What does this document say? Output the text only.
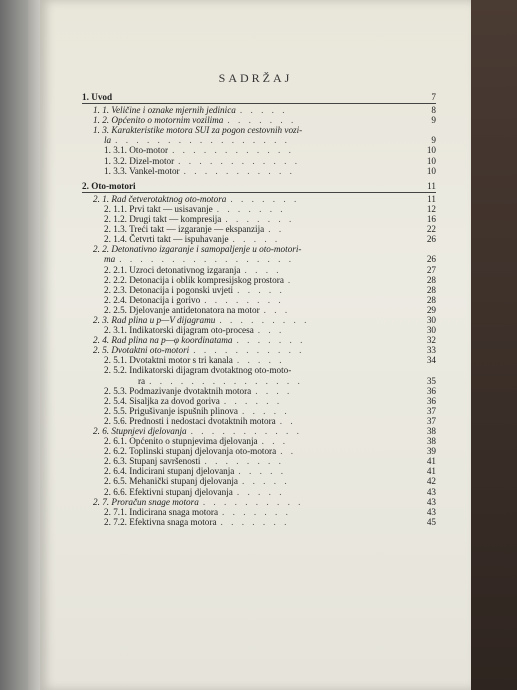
SADRŽAJ
1. Uvod	7
1. 1. Veličine i oznake mjernih jedinica . . . . .	8
1. 2. Općenito o motornim vozilima . . . . . . .	9
1. 3. Karakteristike motora SUI za pogon cestovnih vozi-
la . . . . . . . . . . . . . . . . .	9
1. 3.1. Oto-motor . . . . . . . . . . . .	10
1. 3.2. Dizel-motor . . . . . . . . . . . .	10
1. 3.3. Vankel-motor . . . . . . . . . . .	10
2. Oto-motori	11
2. 1. Rad četverotaktnog oto-motora . . . . . . .	11
2. 1.1. Prvi takt — usisavanje . . . . . . .	12
2. 1.2. Drugi takt — kompresija . . . . . . .	16
2. 1.3. Treći takt — izgaranje — ekspanzija . .	22
2. 1.4. Četvrti takt — ispuhavanje . . . . .	26
2. 2. Detonativno izgaranje i samopaljenje u oto-motori-
ma . . . . . . . . . . . . . . . . .	26
2. 2.1. Uzroci detonativnog izgaranja . . . .	27
2. 2.2. Detonacija i oblik kompresijskog prostora .	28
2. 2.3. Detonacija i pogonski uvjeti . . . . .	28
2. 2.4. Detonacija i gorivo . . . . . . . .	28
2. 2.5. Djelovanje antidetonatora na motor . . .	29
2. 3. Rad plina u p—V dijagramu . . . . . . . . .	30
2. 3.1. Indikatorski dijagram oto-procesa . . .	30
2. 4. Rad plina na p—φ koordinatama . . . . . . .	32
2. 5. Dvotaktni oto-motori . . . . . . . . . . .	33
2. 5.1. Dvotaktni motor s tri kanala . . . . .	34
2. 5.2. Indikatorski dijagram dvotaktnog oto-moto-
ra . . . . . . . . . . . . . . .	35
2. 5.3. Podmazivanje dvotaktnih motora . . . .	36
2. 5.4. Sisaljka za dovod goriva . . . . . .	36
2. 5.5. Prigušivanje ispušnih plinova . . . . .	37
2. 5.6. Prednosti i nedostaci dvotaktnih motora . .	37
2. 6. Stupnjevi djelovanja . . . . . . . . . . .	38
2. 6.1. Općenito o stupnjevima djelovanja . . .	38
2. 6.2. Toplinski stupanj djelovanja oto-motora . .	39
2. 6.3. Stupanj savršenosti . . . . . . . .	41
2. 6.4. Indicirani stupanj djelovanja . . . . .	41
2. 6.5. Mehanički stupanj djelovanja . . . . .	42
2. 6.6. Efektivni stupanj djelovanja . . . . .	43
2. 7. Proračun snage motora . . . . . . . . . .	43
2. 7.1. Indicirana snaga motora . . . . . . .	43
2. 7.2. Efektivna snaga motora . . . . . . .	45
